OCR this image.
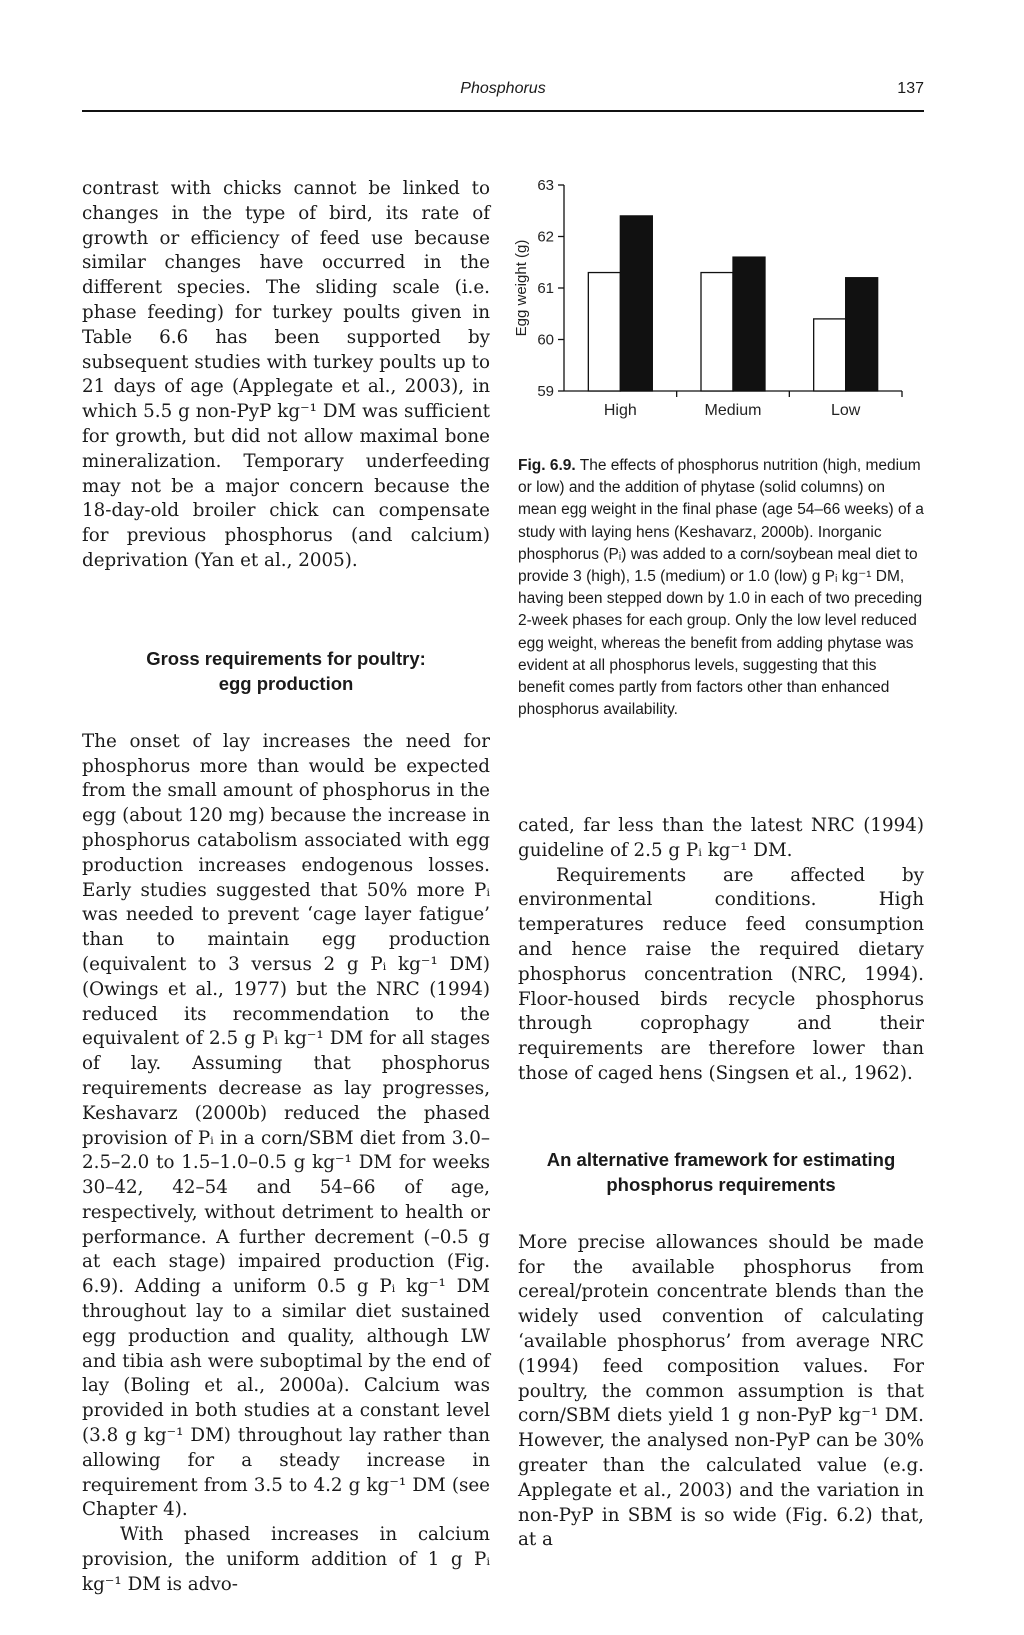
Phosphorus	137

contrast with chicks cannot be linked to changes in the type of bird, its rate of growth or efficiency of feed use because similar changes have occurred in the different species. The sliding scale (i.e. phase feeding) for turkey poults given in Table 6.6 has been supported by subsequent studies with turkey poults up to 21 days of age (Applegate et al., 2003), in which 5.5 g non-PyP kg⁻¹ DM was sufficient for growth, but did not allow maximal bone mineralization. Temporary underfeeding may not be a major concern because the 18-day-old broiler chick can compensate for previous phosphorus (and calcium) deprivation (Yan et al., 2005).

Gross requirements for poultry:
egg production

The onset of lay increases the need for phosphorus more than would be expected from the small amount of phosphorus in the egg (about 120 mg) because the increase in phosphorus catabolism associated with egg production increases endogenous losses. Early studies suggested that 50% more Pᵢ was needed to prevent ‘cage layer fatigue’ than to maintain egg production (equivalent to 3 versus 2 g Pᵢ kg⁻¹ DM) (Owings et al., 1977) but the NRC (1994) reduced its recommendation to the equivalent of 2.5 g Pᵢ kg⁻¹ DM for all stages of lay. Assuming that phosphorus requirements decrease as lay progresses, Keshavarz (2000b) reduced the phased provision of Pᵢ in a corn/SBM diet from 3.0–2.5–2.0 to 1.5–1.0–0.5 g kg⁻¹ DM for weeks 30–42, 42–54 and 54–66 of age, respectively, without detriment to health or performance. A further decrement (–0.5 g at each stage) impaired production (Fig. 6.9). Adding a uniform 0.5 g Pᵢ kg⁻¹ DM throughout lay to a similar diet sustained egg production and quality, although LW and tibia ash were suboptimal by the end of lay (Boling et al., 2000a). Calcium was provided in both studies at a constant level (3.8 g kg⁻¹ DM) throughout lay rather than allowing for a steady increase in requirement from 3.5 to 4.2 g kg⁻¹ DM (see Chapter 4).

With phased increases in calcium provision, the uniform addition of 1 g Pᵢ kg⁻¹ DM is advo-

Egg weight (g)
59
60
61
62
63
High	Medium	Low
Fig. 6.9. The effects of phosphorus nutrition (high, medium or low) and the addition of phytase (solid columns) on mean egg weight in the final phase (age 54–66 weeks) of a study with laying hens (Keshavarz, 2000b). Inorganic phosphorus (Pᵢ) was added to a corn/soybean meal diet to provide 3 (high), 1.5 (medium) or 1.0 (low) g Pᵢ kg⁻¹ DM, having been stepped down by 1.0 in each of two preceding 2-week phases for each group. Only the low level reduced egg weight, whereas the benefit from adding phytase was evident at all phosphorus levels, suggesting that this benefit comes partly from factors other than enhanced phosphorus availability.

cated, far less than the latest NRC (1994) guideline of 2.5 g Pᵢ kg⁻¹ DM.

Requirements are affected by environmental conditions. High temperatures reduce feed consumption and hence raise the required dietary phosphorus concentration (NRC, 1994). Floor-housed birds recycle phosphorus through coprophagy and their requirements are therefore lower than those of caged hens (Singsen et al., 1962).

An alternative framework for estimating
phosphorus requirements

More precise allowances should be made for the available phosphorus from cereal/protein concentrate blends than the widely used convention of calculating ‘available phosphorus’ from average NRC (1994) feed composition values. For poultry, the common assumption is that corn/SBM diets yield 1 g non-PyP kg⁻¹ DM. However, the analysed non-PyP can be 30% greater than the calculated value (e.g. Applegate et al., 2003) and the variation in non-PyP in SBM is so wide (Fig. 6.2) that, at a
